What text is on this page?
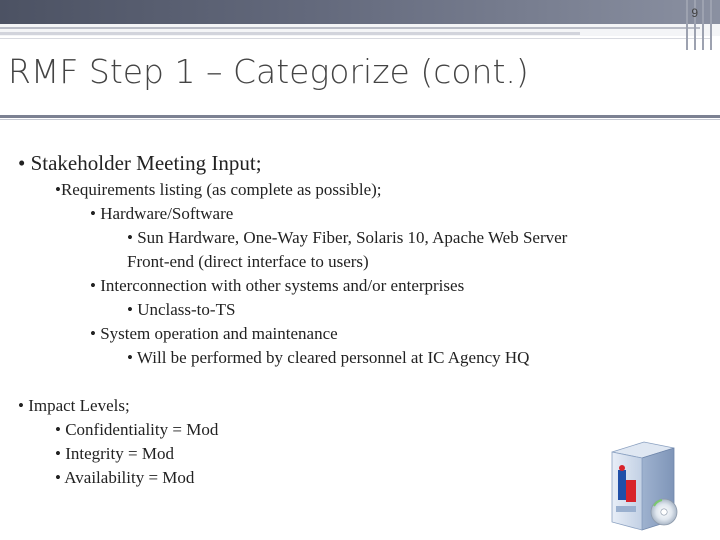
9
RMF Step 1 – Categorize (cont.)
• Stakeholder Meeting Input;
•Requirements listing (as complete as possible);
• Hardware/Software
• Sun Hardware, One-Way Fiber, Solaris 10, Apache Web Server
Front-end (direct interface to users)
• Interconnection with other systems and/or enterprises
• Unclass-to-TS
• System operation and maintenance
• Will be performed by cleared personnel at IC Agency HQ
• Impact Levels;
• Confidentiality = Mod
• Integrity = Mod
• Availability = Mod
